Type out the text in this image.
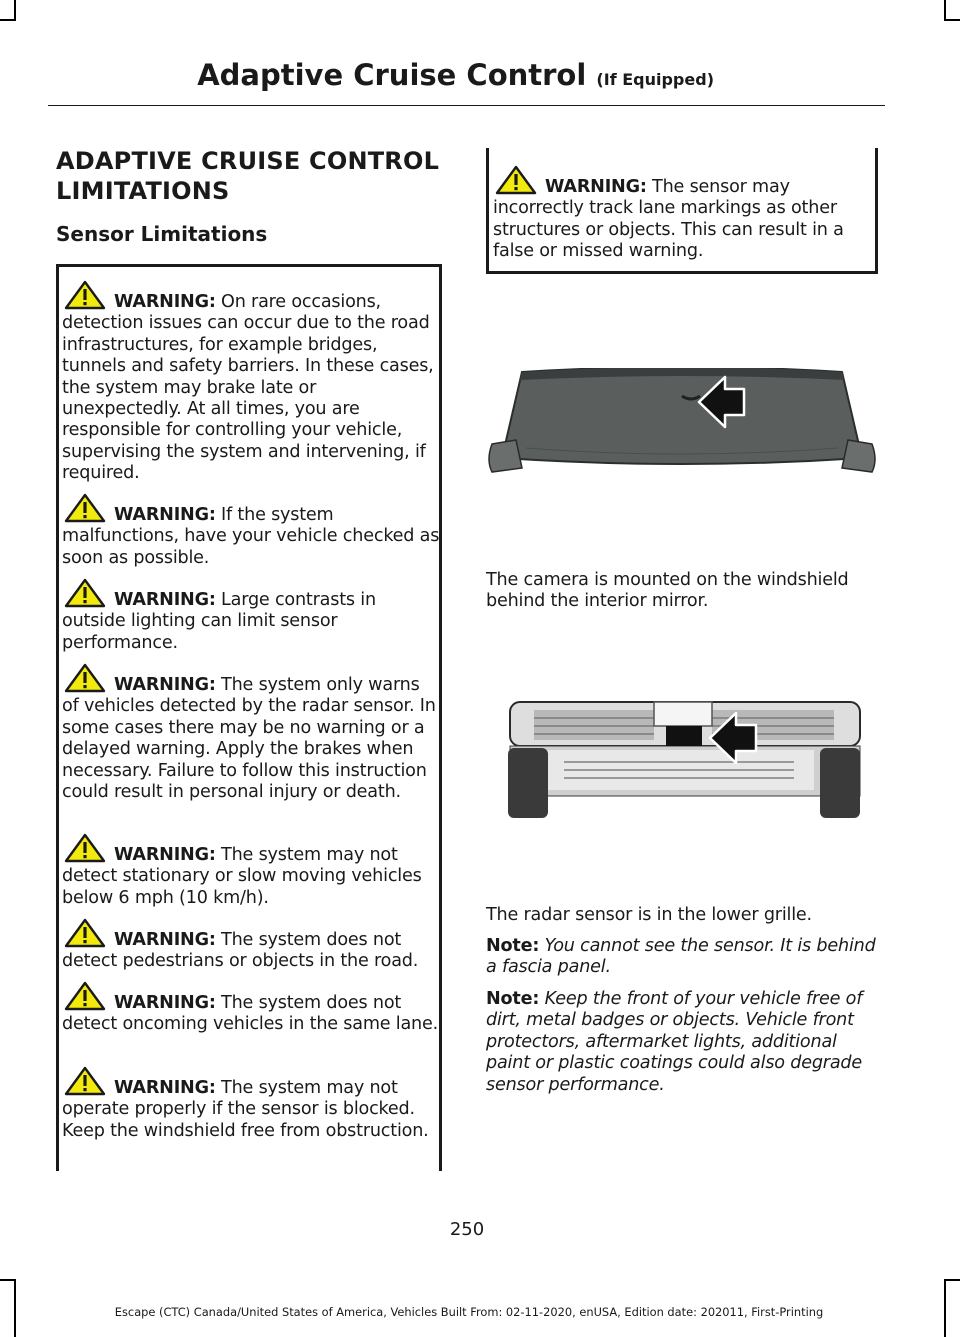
Adaptive Cruise Control (If Equipped)
ADAPTIVE CRUISE CONTROL LIMITATIONS
Sensor Limitations
WARNING: On rare occasions, detection issues can occur due to the road infrastructures, for example bridges, tunnels and safety barriers. In these cases, the system may brake late or unexpectedly. At all times, you are responsible for controlling your vehicle, supervising the system and intervening, if required.
WARNING: If the system malfunctions, have your vehicle checked as soon as possible.
WARNING: Large contrasts in outside lighting can limit sensor performance.
WARNING: The system only warns of vehicles detected by the radar sensor. In some cases there may be no warning or a delayed warning. Apply the brakes when necessary. Failure to follow this instruction could result in personal injury or death.
WARNING: The system may not detect stationary or slow moving vehicles below 6 mph (10 km/h).
WARNING: The system does not detect pedestrians or objects in the road.
WARNING: The system does not detect oncoming vehicles in the same lane.
WARNING: The system may not operate properly if the sensor is blocked. Keep the windshield free from obstruction.
WARNING: The sensor may incorrectly track lane markings as other structures or objects. This can result in a false or missed warning.
The camera is mounted on the windshield behind the interior mirror.
The radar sensor is in the lower grille.
Note: You cannot see the sensor. It is behind a fascia panel.
Note: Keep the front of your vehicle free of dirt, metal badges or objects. Vehicle front protectors, aftermarket lights, additional paint or plastic coatings could also degrade sensor performance.
250
Escape (CTC) Canada/United States of America, Vehicles Built From: 02-11-2020, enUSA, Edition date: 202011, First-Printing
